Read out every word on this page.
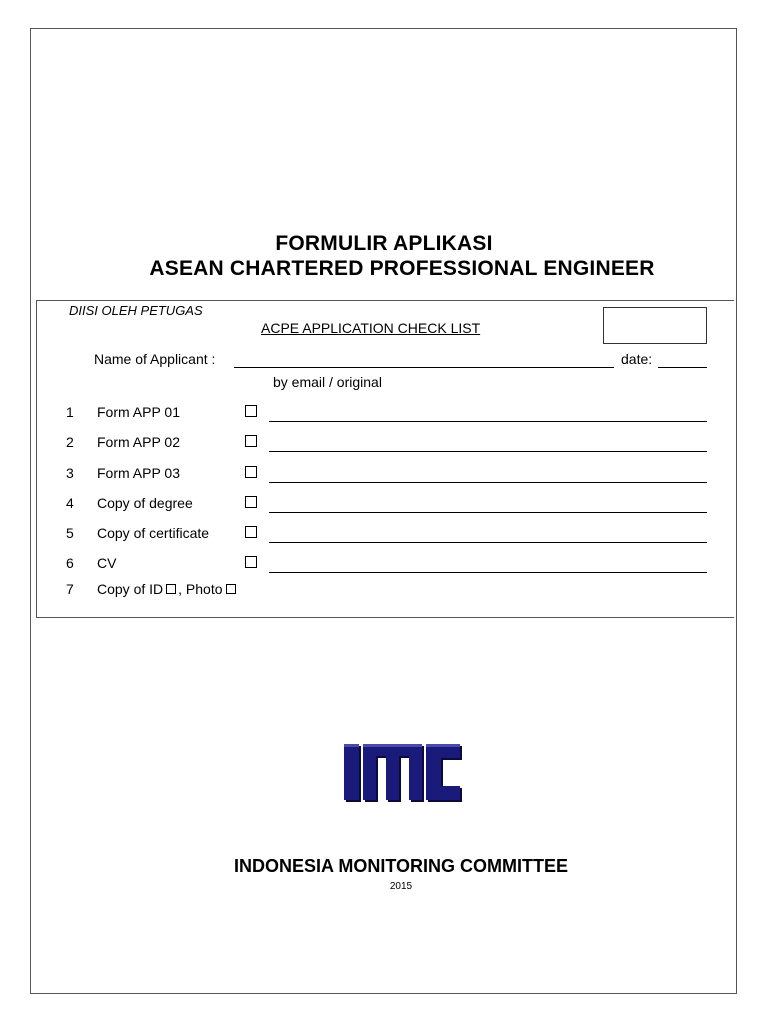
FORMULIR APLIKASI
ASEAN CHARTERED PROFESSIONAL ENGINEER
DIISI OLEH PETUGAS
ACPE APPLICATION CHECK LIST
Name of Applicant :	date:
by email / original
1 Form APP 01
2 Form APP 02
3 Form APP 03
4 Copy of degree
5 Copy of certificate
6 CV
7 Copy of ID , Photo
INDONESIA MONITORING COMMITTEE
2015
